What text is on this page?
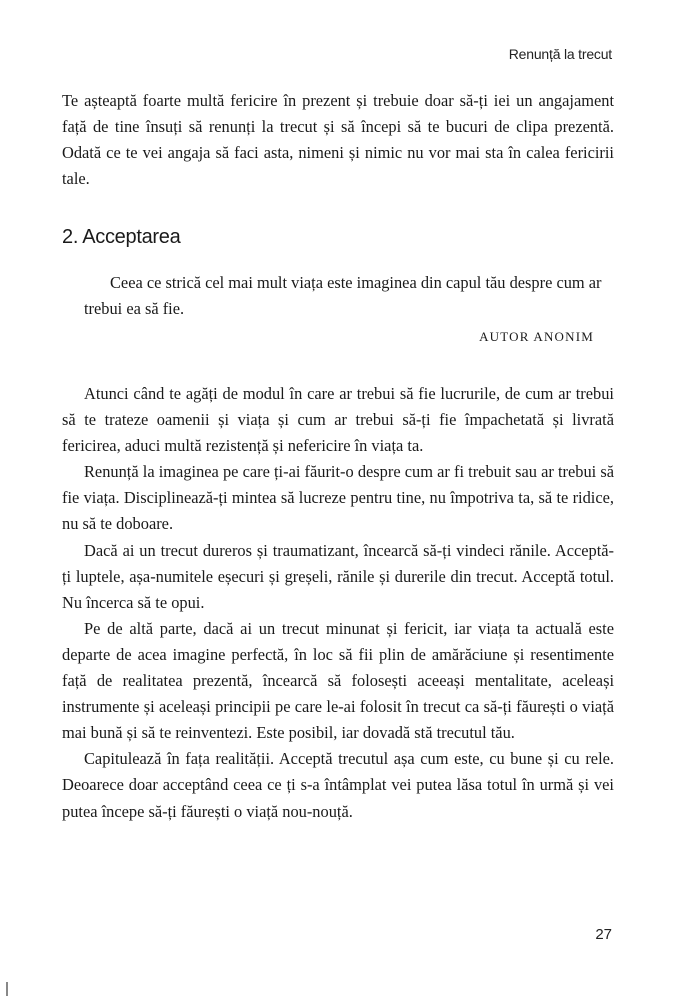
Renunță la trecut

Te așteaptă foarte multă fericire în prezent și trebuie doar să-ți iei un angajament față de tine însuți să renunți la trecut și să începi să te bucuri de clipa prezentă. Odată ce te vei angaja să faci asta, nimeni și nimic nu vor mai sta în calea fericirii tale.

2. Acceptarea

Ceea ce strică cel mai mult viața este imaginea din capul tău despre cum ar trebui ea să fie.

AUTOR ANONIM

Atunci când te agăți de modul în care ar trebui să fie lucrurile, de cum ar trebui să te trateze oamenii și viața și cum ar trebui să-ți fie împachetată și livrată fericirea, aduci multă rezistență și nefericire în viața ta.

Renunță la imaginea pe care ți-ai făurit-o despre cum ar fi trebuit sau ar trebui să fie viața. Disciplinează-ți mintea să lucreze pentru tine, nu împotriva ta, să te ridice, nu să te doboare.

Dacă ai un trecut dureros și traumatizant, încearcă să-ți vindeci rănile. Acceptă-ți luptele, așa-numitele eșecuri și greșeli, rănile și durerile din trecut. Acceptă totul. Nu încerca să te opui.

Pe de altă parte, dacă ai un trecut minunat și fericit, iar viața ta actuală este departe de acea imagine perfectă, în loc să fii plin de amărăciune și resentimente față de realitatea prezentă, încearcă să folosești aceeași mentalitate, aceleași instrumente și aceleași principii pe care le-ai folosit în trecut ca să-ți făurești o viață mai bună și să te reinventezi. Este posibil, iar dovadă stă trecutul tău.

Capitulează în fața realității. Acceptă trecutul așa cum este, cu bune și cu rele. Deoarece doar acceptând ceea ce ți s-a întâmplat vei putea lăsa totul în urmă și vei putea începe să-ți făurești o viață nou-nouță.

27
